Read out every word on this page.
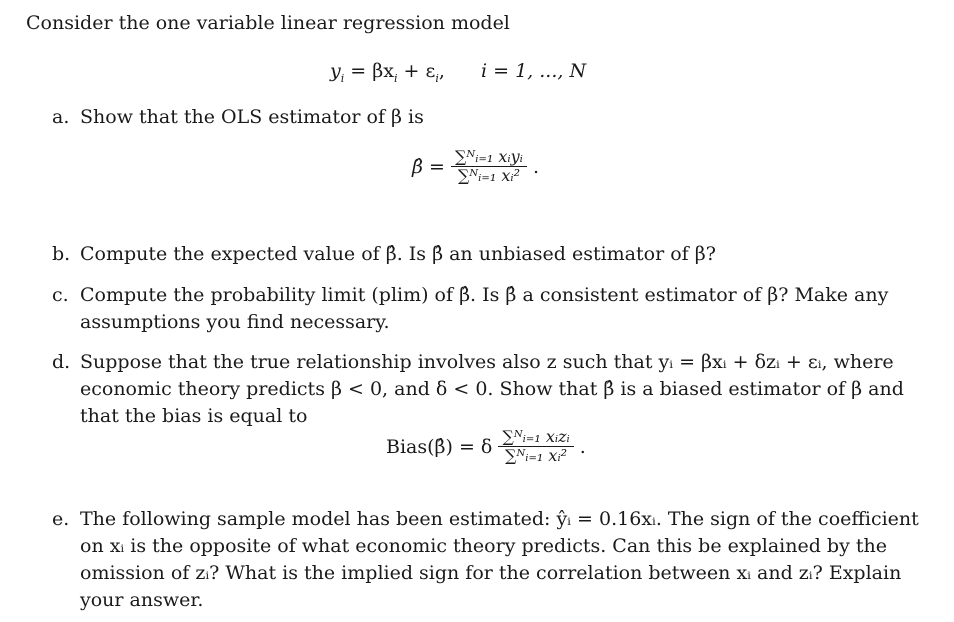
Consider the one variable linear regression model
$y_i = \beta x_i + \varepsilon_i$, i = 1, ..., N
a. Show that the OLS estimator of β is
β̂ = $\frac{\text{∑ᴺᵢ₌₁ xᵢyᵢ}}{\text{∑ᴺᵢ₌₁ xᵢ²}}$ .
b. Compute the expected value of β̂. Is β̂ an unbiased estimator of β?
c. Compute the probability limit (plim) of β̂. Is β̂ a consistent estimator of β? Make any
assumptions you find necessary.
d. Suppose that the true relationship involves also z such that yᵢ = βxᵢ + δzᵢ + εᵢ, where
economic theory predicts β < 0, and δ < 0. Show that β̂ is a biased estimator of β and
that the bias is equal to
Bias(β̂) = δ $\frac{\text{∑ᴺᵢ₌₁ xᵢzᵢ}}{\text{∑ᴺᵢ₌₁ xᵢ²}}$ .
e. The following sample model has been estimated: ŷᵢ = 0.16xᵢ. The sign of the coefficient
on xᵢ is the opposite of what economic theory predicts. Can this be explained by the
omission of zᵢ? What is the implied sign for the correlation between xᵢ and zᵢ? Explain
your answer.
